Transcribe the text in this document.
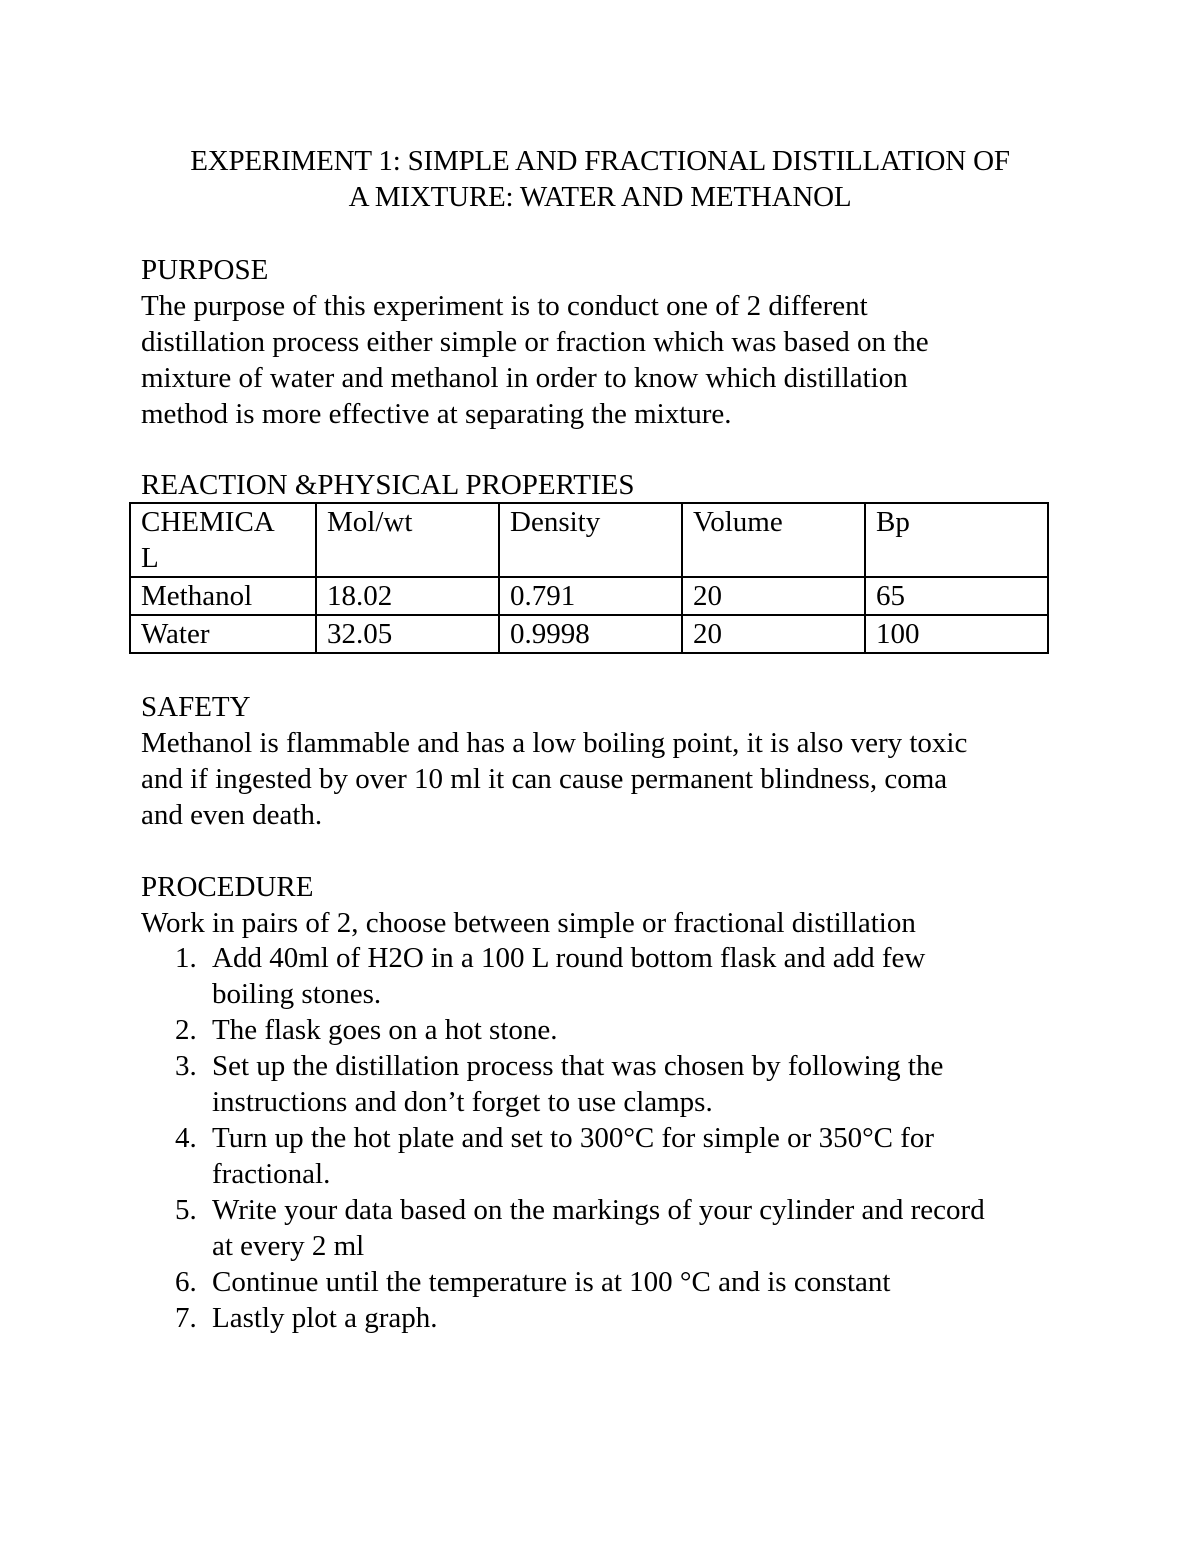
EXPERIMENT 1: SIMPLE AND FRACTIONAL DISTILLATION OF
A MIXTURE: WATER AND METHANOL
PURPOSE
The purpose of this experiment is to conduct one of 2 different
distillation process either simple or fraction which was based on the
mixture of water and methanol in order to know which distillation
method is more effective at separating the mixture.
REACTION &PHYSICAL PROPERTIES
CHEMICA
L	Mol/wt	Density	Volume	Bp
Methanol	18.02	0.791	20	65
Water	32.05	0.9998	20	100
SAFETY
Methanol is flammable and has a low boiling point, it is also very toxic
and if ingested by over 10 ml it can cause permanent blindness, coma
and even death.
PROCEDURE
Work in pairs of 2, choose between simple or fractional distillation
1. Add 40ml of H2O in a 100 L round bottom flask and add few
boiling stones.
2. The flask goes on a hot stone.
3. Set up the distillation process that was chosen by following the
instructions and don’t forget to use clamps.
4. Turn up the hot plate and set to 300°C for simple or 350°C for
fractional.
5. Write your data based on the markings of your cylinder and record
at every 2 ml
6. Continue until the temperature is at 100 °C and is constant
7. Lastly plot a graph.
